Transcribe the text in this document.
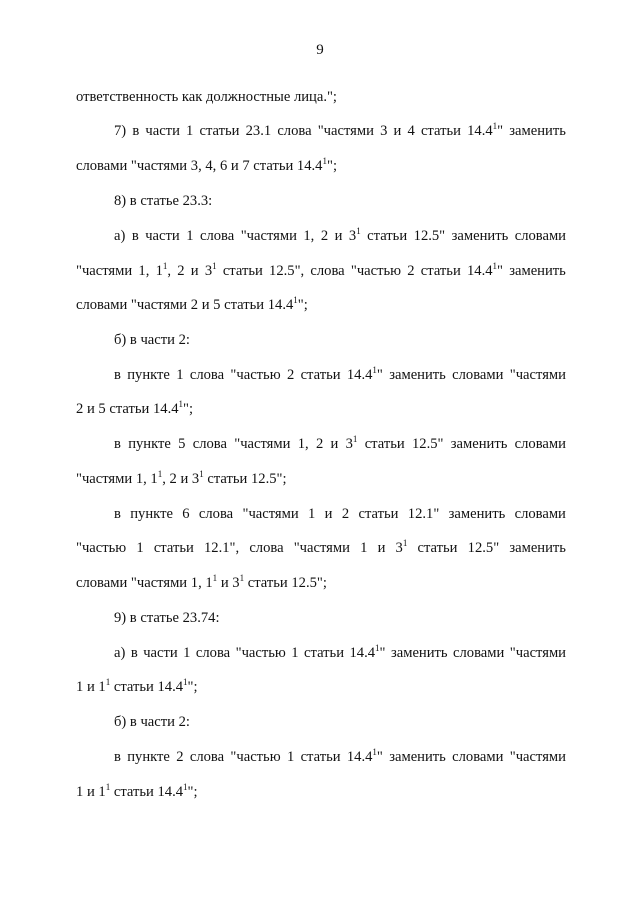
9
ответственность как должностные лица.";
7) в части 1 статьи 23.1 слова "частями 3 и 4 статьи 14.4$^1$" заменить
словами "частями 3, 4, 6 и 7 статьи 14.4$^1$";
8) в статье 23.3:
а) в части 1 слова "частями 1, 2 и $3^1$ статьи 12.5" заменить словами
"частями 1, $1^1$, 2 и $3^1$ статьи 12.5", слова "частью 2 статьи 14.4$^1$" заменить
словами "частями 2 и 5 статьи 14.4$^1$";
б) в части 2:
в пункте 1 слова "частью 2 статьи 14.4$^1$" заменить словами "частями
2 и 5 статьи 14.4$^1$";
в пункте 5 слова "частями 1, 2 и $3^1$ статьи 12.5" заменить словами
"частями 1, $1^1$, 2 и $3^1$ статьи 12.5";
в пункте 6 слова "частями 1 и 2 статьи 12.1" заменить словами
"частью 1 статьи 12.1", слова "частями 1 и $3^1$ статьи 12.5" заменить
словами "частями 1, $1^1$ и $3^1$ статьи 12.5";
9) в статье 23.74:
а) в части 1 слова "частью 1 статьи 14.4$^1$" заменить словами "частями
1 и $1^1$ статьи 14.4$^1$";
б) в части 2:
в пункте 2 слова "частью 1 статьи 14.4$^1$" заменить словами "частями
1 и $1^1$ статьи 14.4$^1$";
